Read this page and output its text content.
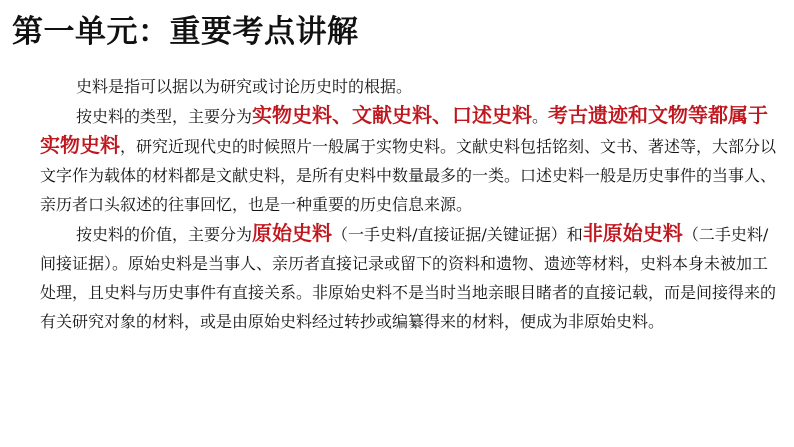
第一单元：重要考点讲解

史料是指可以据以为研究或讨论历史时的根据。

按史料的类型，主要分为实物史料、文献史料、口述史料。考古遗迹和文物等都属于实物史料，研究近现代史的时候照片一般属于实物史料。文献史料包括铭刻、文书、著述等，大部分以文字作为载体的材料都是文献史料，是所有史料中数量最多的一类。口述史料一般是历史事件的当事人、亲历者口头叙述的往事回忆，也是一种重要的历史信息来源。

按史料的价值，主要分为原始史料（一手史料/直接证据/关键证据）和非原始史料（二手史料/间接证据）。原始史料是当事人、亲历者直接记录或留下的资料和遗物、遗迹等材料，史料本身未被加工处理，且史料与历史事件有直接关系。非原始史料不是当时当地亲眼目睹者的直接记载，而是间接得来的有关研究对象的材料，或是由原始史料经过转抄或编纂得来的材料，便成为非原始史料。
